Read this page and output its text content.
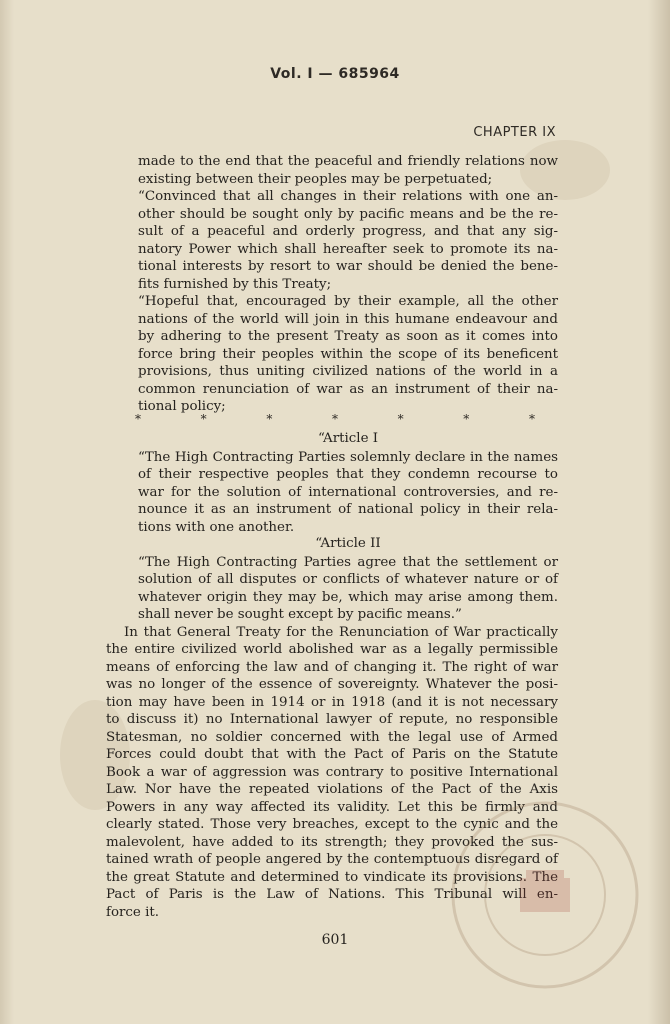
Vol. I — 685964
CHAPTER IX
made to the end that the peaceful and friendly relations now
existing between their peoples may be perpetuated;
“Convinced that all changes in their relations with one an-
other should be sought only by pacific means and be the re-
sult of a peaceful and orderly progress, and that any sig-
natory Power which shall hereafter seek to promote its na-
tional interests by resort to war should be denied the bene-
fits furnished by this Treaty;
“Hopeful that, encouraged by their example, all the other
nations of the world will join in this humane endeavour and
by adhering to the present Treaty as soon as it comes into
force bring their peoples within the scope of its beneficent
provisions, thus uniting civilized nations of the world in a
common renunciation of war as an instrument of their na-
tional policy;
*	*	*	*	*	*	*
“Article I
“The High Contracting Parties solemnly declare in the names
of their respective peoples that they condemn recourse to
war for the solution of international controversies, and re-
nounce it as an instrument of national policy in their rela-
tions with one another.
“Article II
“The High Contracting Parties agree that the settlement or
solution of all disputes or conflicts of whatever nature or of
whatever origin they may be, which may arise among them.
shall never be sought except by pacific means.”
In that General Treaty for the Renunciation of War practically
the entire civilized world abolished war as a legally permissible
means of enforcing the law and of changing it. The right of war
was no longer of the essence of sovereignty. Whatever the posi-
tion may have been in 1914 or in 1918 (and it is not necessary
to discuss it) no International lawyer of repute, no responsible
Statesman, no soldier concerned with the legal use of Armed
Forces could doubt that with the Pact of Paris on the Statute
Book a war of aggression was contrary to positive International
Law. Nor have the repeated violations of the Pact of the Axis
Powers in any way affected its validity. Let this be firmly and
clearly stated. Those very breaches, except to the cynic and the
malevolent, have added to its strength; they provoked the sus-
tained wrath of people angered by the contemptuous disregard of
the great Statute and determined to vindicate its provisions. The
Pact of Paris is the Law of Nations. This Tribunal will en-
force it.
601
